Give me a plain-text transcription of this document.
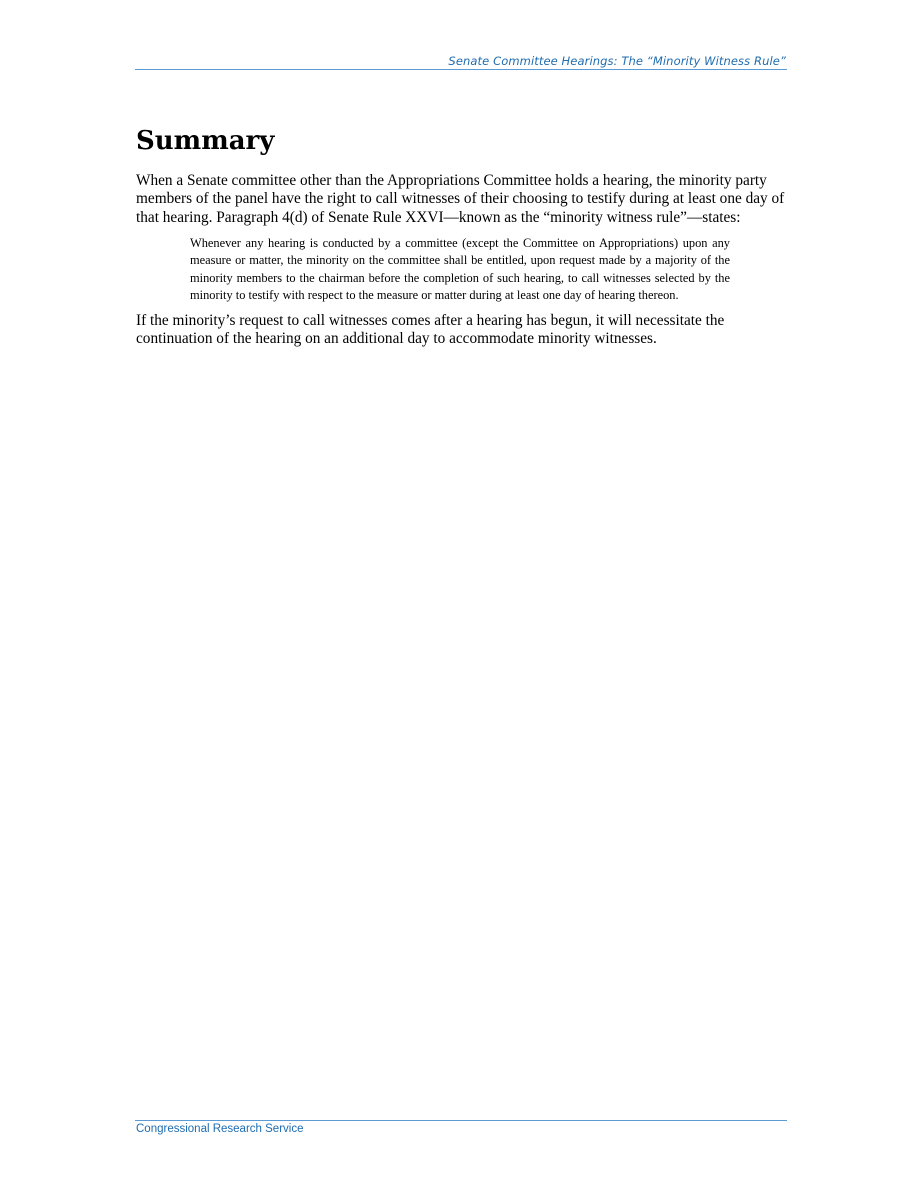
Senate Committee Hearings: The “Minority Witness Rule”
Summary

When a Senate committee other than the Appropriations Committee holds a hearing, the minority party members of the panel have the right to call witnesses of their choosing to testify during at least one day of that hearing. Paragraph 4(d) of Senate Rule XXVI—known as the “minority witness rule”—states:

Whenever any hearing is conducted by a committee (except the Committee on Appropriations) upon any measure or matter, the minority on the committee shall be entitled, upon request made by a majority of the minority members to the chairman before the completion of such hearing, to call witnesses selected by the minority to testify with respect to the measure or matter during at least one day of hearing thereon.

If the minority’s request to call witnesses comes after a hearing has begun, it will necessitate the continuation of the hearing on an additional day to accommodate minority witnesses.

Congressional Research Service
